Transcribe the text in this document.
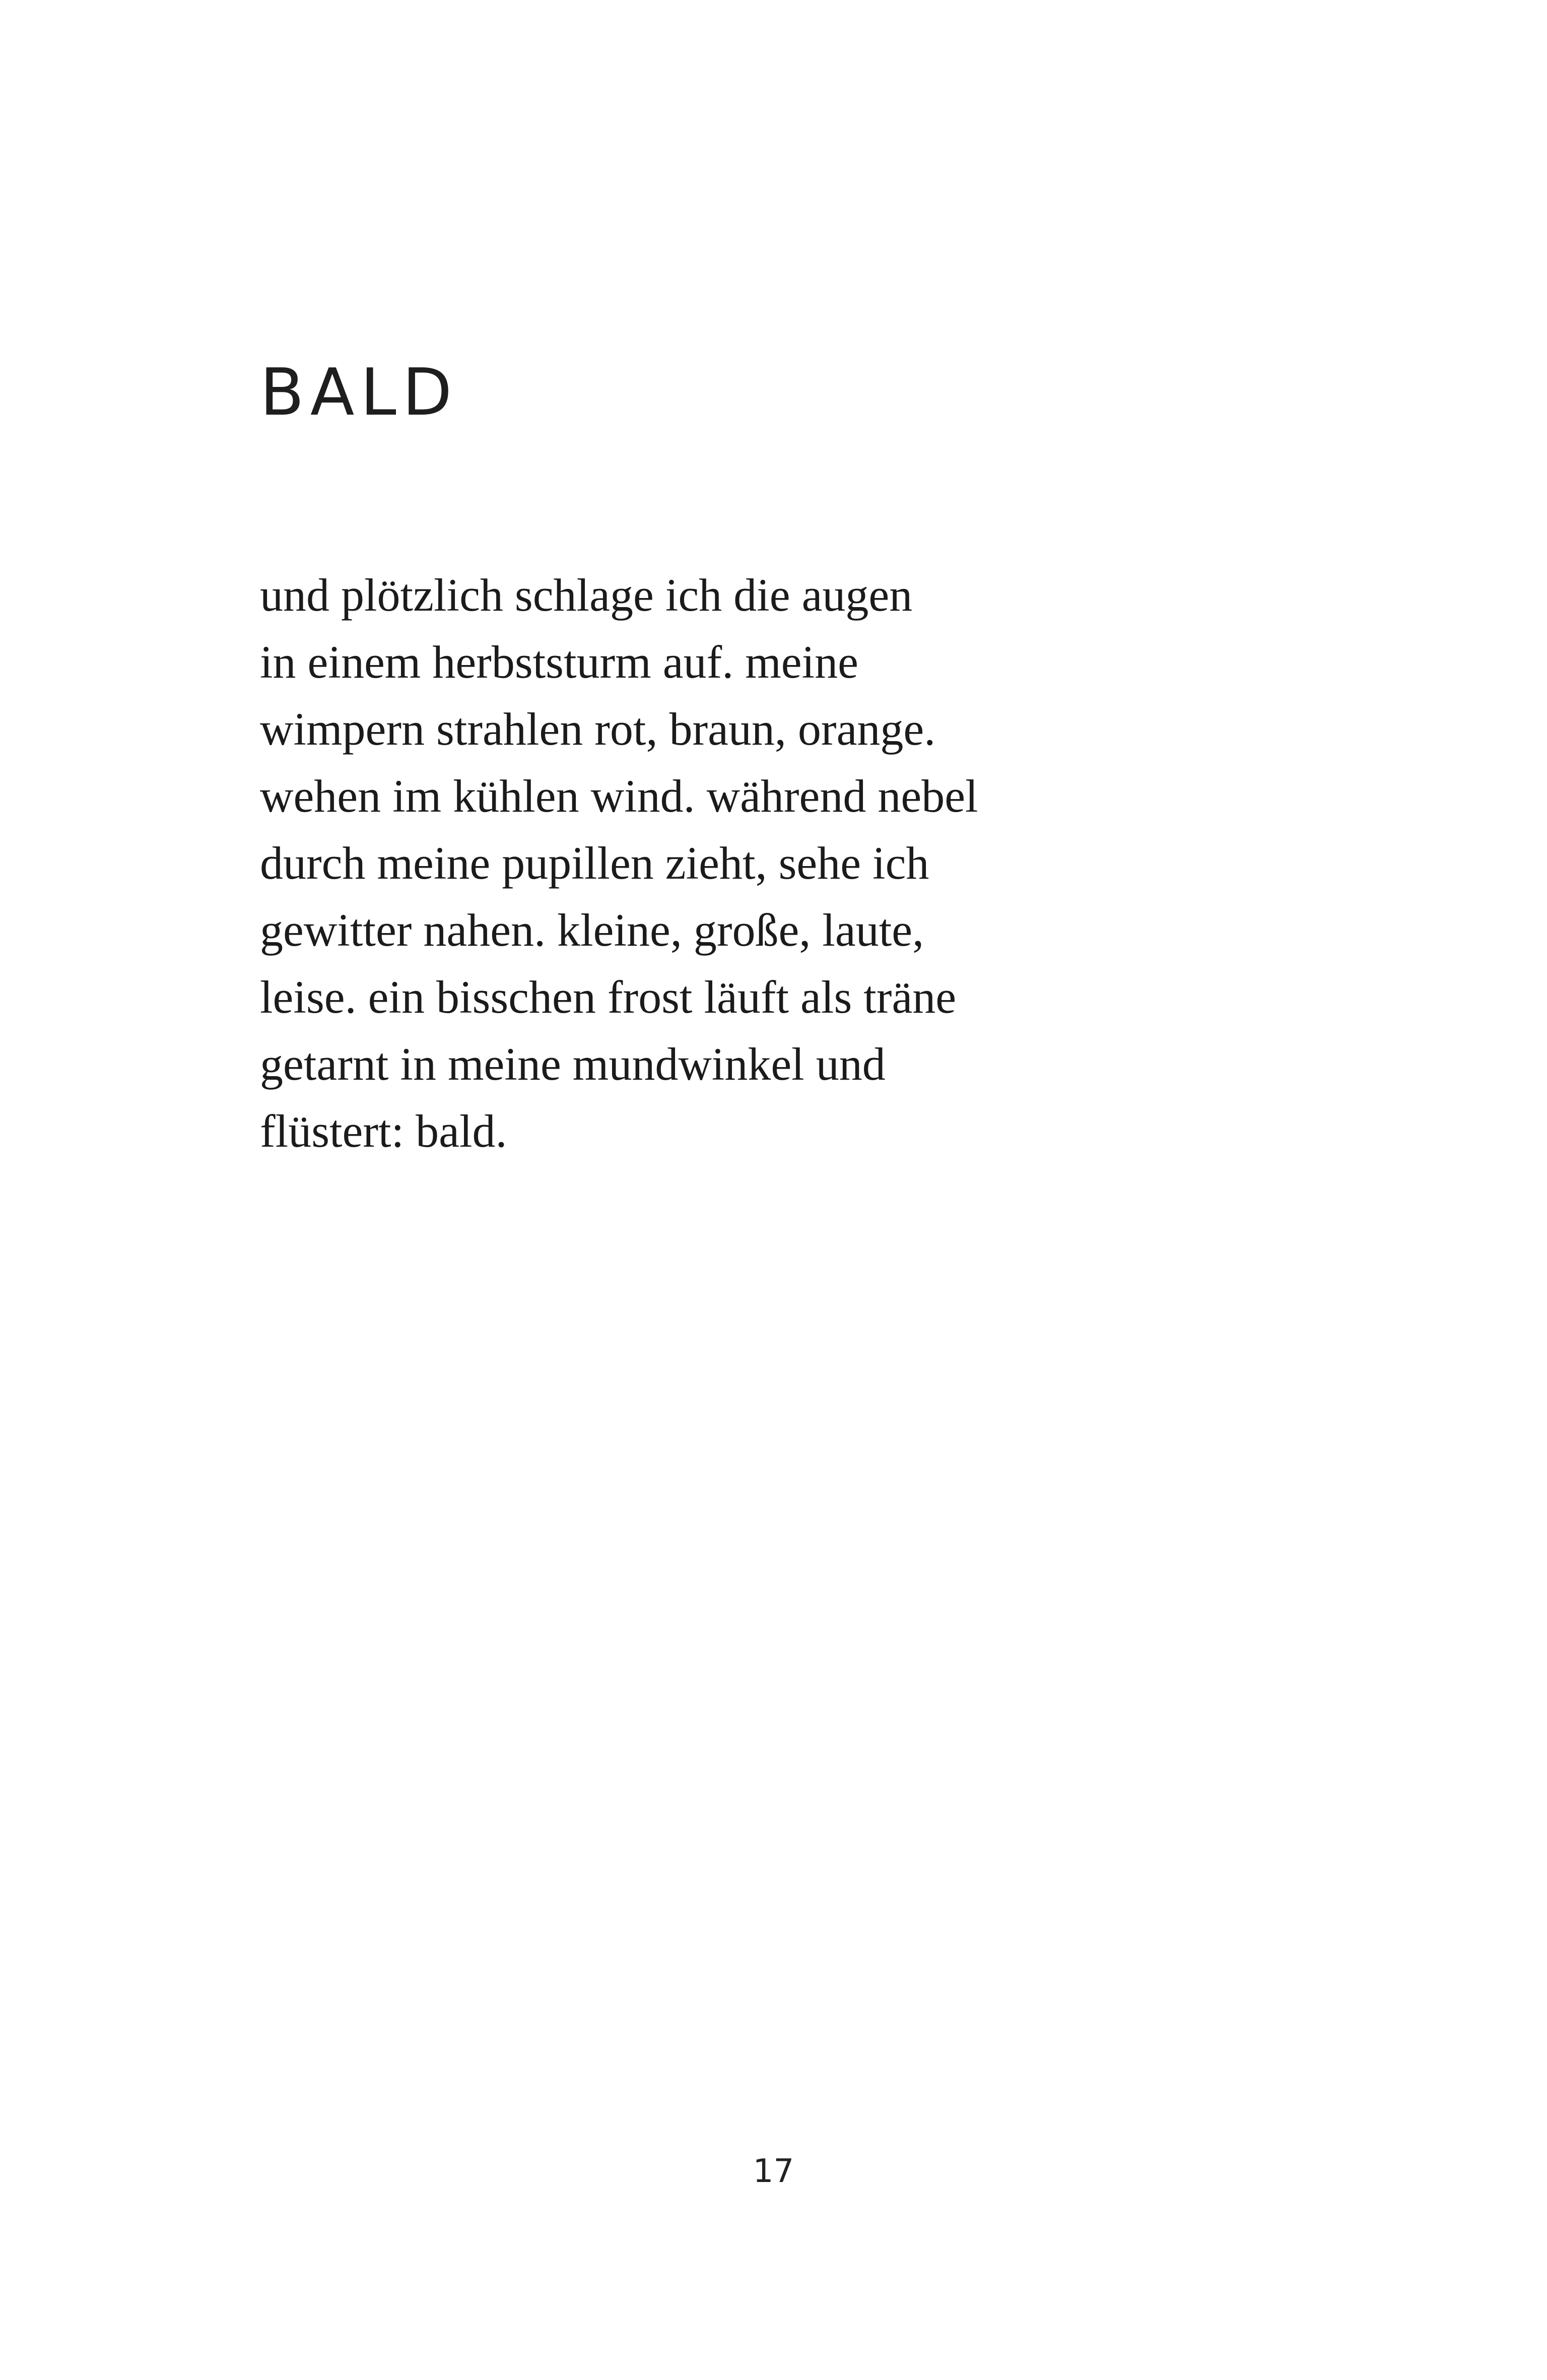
BALD
und plötzlich schlage ich die augen
in einem herbststurm auf. meine
wimpern strahlen rot, braun, orange.
wehen im kühlen wind. während nebel
durch meine pupillen zieht, sehe ich
gewitter nahen. kleine, große, laute,
leise. ein bisschen frost läuft als träne
getarnt in meine mundwinkel und
flüstert: bald.
17
